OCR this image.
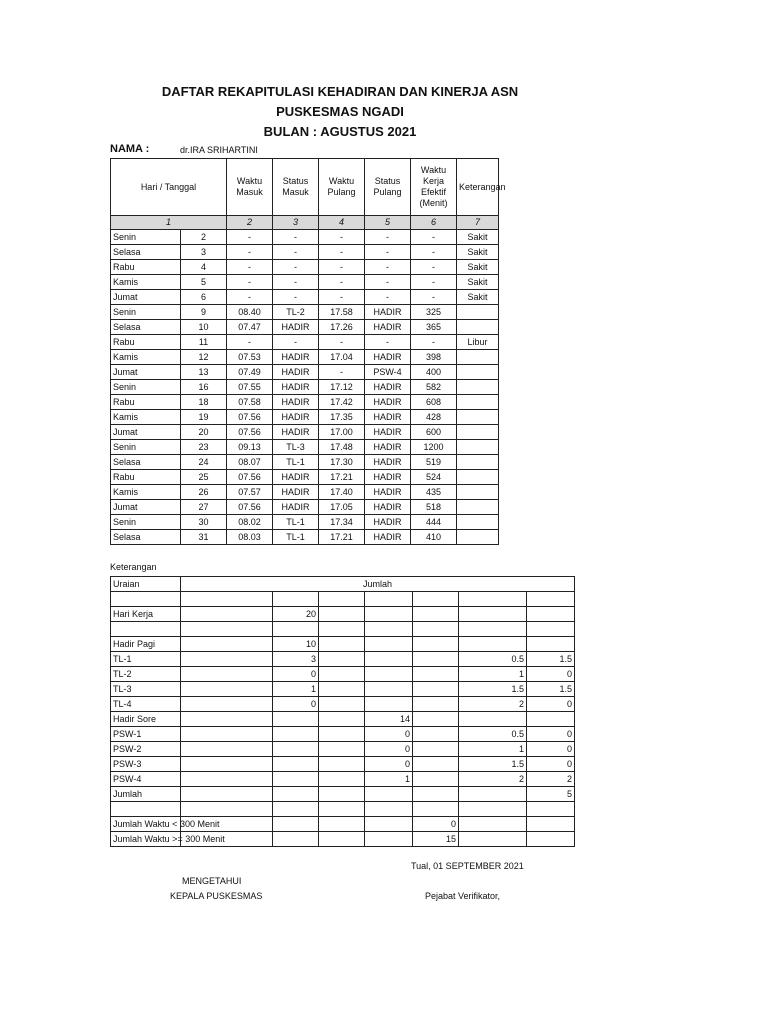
DAFTAR REKAPITULASI KEHADIRAN DAN KINERJA ASN
PUSKESMAS NGADI
BULAN : AGUSTUS 2021
NAMA :	dr.IRA SRIHARTINI
Hari / Tanggal		Waktu Masuk	Status Masuk	Waktu Pulang	Status Pulang	Waktu Kerja Efektif (Menit)	Keterangan
1		2	3	4	5	6	7
Senin	2	-	-	-	-	-	Sakit
Selasa	3	-	-	-	-	-	Sakit
Rabu	4	-	-	-	-	-	Sakit
Kamis	5	-	-	-	-	-	Sakit
Jumat	6	-	-	-	-	-	Sakit
Senin	9	08.40	TL-2	17.58	HADIR	325	
Selasa	10	07.47	HADIR	17.26	HADIR	365	
Rabu	11	-	-	-	-	-	Libur
Kamis	12	07.53	HADIR	17.04	HADIR	398	
Jumat	13	07.49	HADIR	-	PSW-4	400	
Senin	16	07.55	HADIR	17.12	HADIR	582	
Rabu	18	07.58	HADIR	17.42	HADIR	608	
Kamis	19	07.56	HADIR	17.35	HADIR	428	
Jumat	20	07.56	HADIR	17.00	HADIR	600	
Senin	23	09.13	TL-3	17.48	HADIR	1200	
Selasa	24	08.07	TL-1	17.30	HADIR	519	
Rabu	25	07.56	HADIR	17.21	HADIR	524	
Kamis	26	07.57	HADIR	17.40	HADIR	435	
Jumat	27	07.56	HADIR	17.05	HADIR	518	
Senin	30	08.02	TL-1	17.34	HADIR	444	
Selasa	31	08.03	TL-1	17.21	HADIR	410	
Keterangan
Uraian	Jumlah						

Hari Kerja		20					

Hadir Pagi		10					
TL-1		3				0.5	1.5
TL-2		0				1	0
TL-3		1				1.5	1.5
TL-4		0				2	0
Hadir Sore				14			
PSW-1				0		0.5	0
PSW-2				0		1	0
PSW-3				0		1.5	0
PSW-4				1		2	2
Jumlah							5

Jumlah Waktu < 300 Menit					0		
Jumlah Waktu >= 300 Menit					15		
Tual, 01 SEPTEMBER 2021
MENGETAHUI
KEPALA PUSKESMAS	Pejabat Verifikator,
